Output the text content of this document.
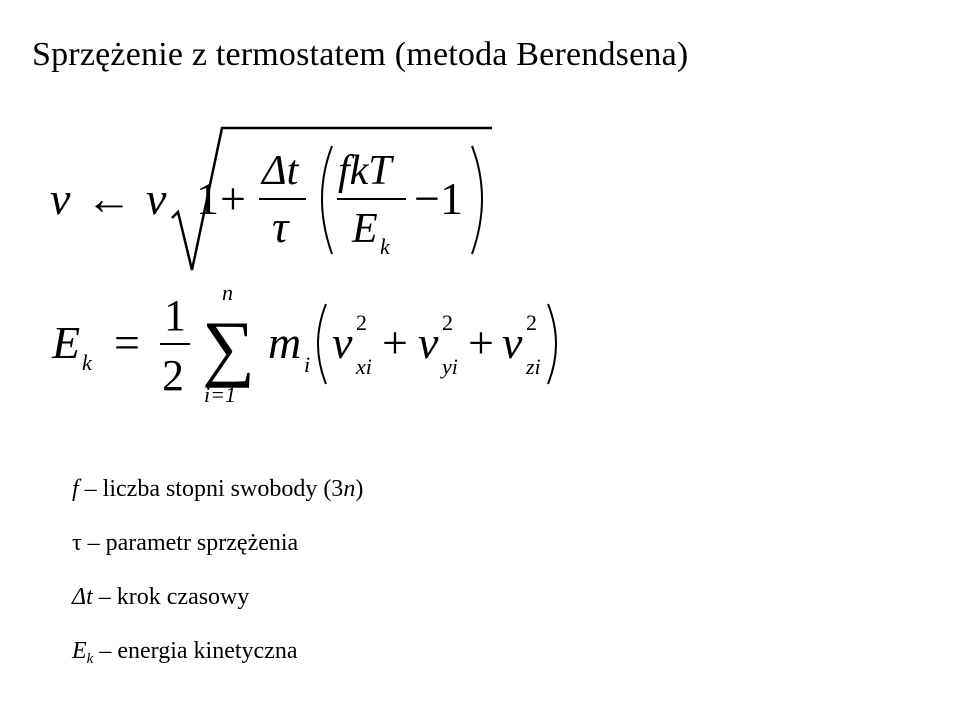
Sprzężenie z termostatem (metoda Berendsena)
v ← v 1 +
Δt
τ
fkT
E k
−1
E k =
1
2
n
∑
i=1
m i v 2
xi + v 2
yi + v 2
zi
f – liczba stopni swobody (3n)
τ – parametr sprzężenia
Δt – krok czasowy
$E_k$ – energia kinetyczna
